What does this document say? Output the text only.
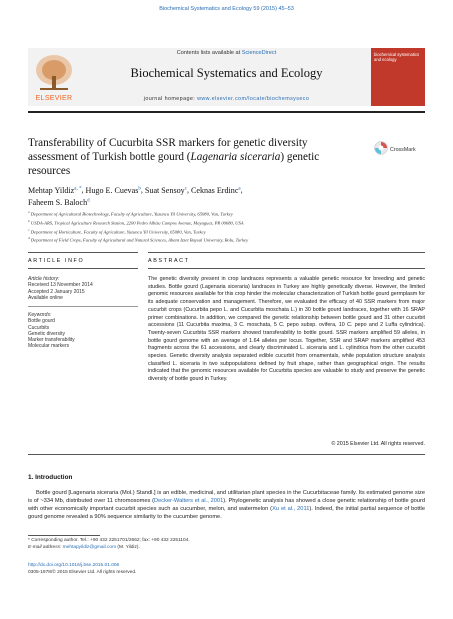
Biochemical Systematics and Ecology 59 (2015) 45–53
ELSEVIER
Contents lists available at ScienceDirect
Biochemical Systematics and Ecology
journal homepage: www.elsevier.com/locate/biochemsyseco
biochemical systematics and ecology
Transferability of Cucurbita SSR markers for genetic diversity assessment of Turkish bottle gourd (Lagenaria siceraria) genetic resources
CrossMark
Mehtap Yildiz$^{a, *}$, Hugo E. Cuevas$^b$, Suat Sensoy$^c$, Ceknas Erdinc$^a$,
Faheem S. Baloch$^d$
$^a$ Department of Agricultural Biotechnology, Faculty of Agriculture, Yuzuncu Yil University, 65080, Van, Turkey
$^b$ USDA-ARS, Tropical Agriculture Research Station, 2200 Pedro Albizu Campos Avenue, Mayaguez, PR 00680, USA
$^c$ Department of Horticulture, Faculty of Agriculture, Yuzuncu Yil University, 65080, Van, Turkey
$^d$ Department of Field Crops, Faculty of Agricultural and Natural Sciences, Abant Izzet Baysal University, Bolu, Turkey
ARTICLE INFO	ABSTRACT
Article history:
Received 13 November 2014
Accepted 2 January 2015
Available online
Keywords:
Bottle gourd
Cucurbits
Genetic diversity
Marker transferability
Molecular markers
The genetic diversity present in crop landraces represents a valuable genetic resource for breeding and genetic studies. Bottle gourd (Lagenaria siceraria) landraces in Turkey are highly genetically diverse. However, the limited genomic resources available for this crop hinder the molecular characterization of Turkish bottle gourd germplasm for its adequate conservation and management. Therefore, we evaluated the efficacy of 40 SSR markers from major cucurbit crops (Cucurbita pepo L. and Cucurbita moschata L.) in 30 bottle gourd landraces, together with 16 SRAP primer combinations. In addition, we compared the genetic relationship between bottle gourd and 31 other cucurbit accessions (11 Cucurbita maxima, 3 C. moschata, 5 C. pepo subsp. ovifera, 10 C. pepo and 2 Luffa cylindrica). Twenty-seven Cucurbita SSR markers showed transferability to bottle gourd. SSR markers amplified 59 alleles, in bottle gourd genome with an average of 1.64 alleles per locus. Together, SSR and SRAP markers amplified 453 fragments across the 61 accessions, and clearly discriminated L. siceraria and L. cylindrica from the other cucurbit species. Genetic diversity analysis separated edible cucurbit from ornamentals, while population structure analysis classified L. siceraria in two subpopulations defined by fruit shape, rather than geographical origin. The results indicated that the genomic resources available for Cucurbita species are valuable to study and preserve the genetic diversity of bottle gourd in Turkey.
© 2015 Elsevier Ltd. All rights reserved.
1. Introduction
Bottle gourd [Lagenaria siceraria (Mol.) Standl.] is an edible, medicinal, and utilitarian plant species in the Cucurbitaceae family. Its estimated genome size is of ~334 Mb, distributed over 11 chromosomes (Decker-Walters et al., 2001). Phylogenetic analysis has showed a close genetic relationship of bottle gourd with other economically important cucurbit species such as cucumber, melon, and watermelon (Xu et al., 2011). Indeed, the initial partial sequence of bottle gourd genome revealed a 90% sequence similarity to the cucumber genome.
* Corresponding author. Tel.: +90 432 2251701/2662; fax: +90 432 2251104.
E-mail address: mehtapyildiz@gmail.com (M. Yildiz).
http://dx.doi.org/10.1016/j.bse.2015.01.006
0305-1978/© 2015 Elsevier Ltd. All rights reserved.
